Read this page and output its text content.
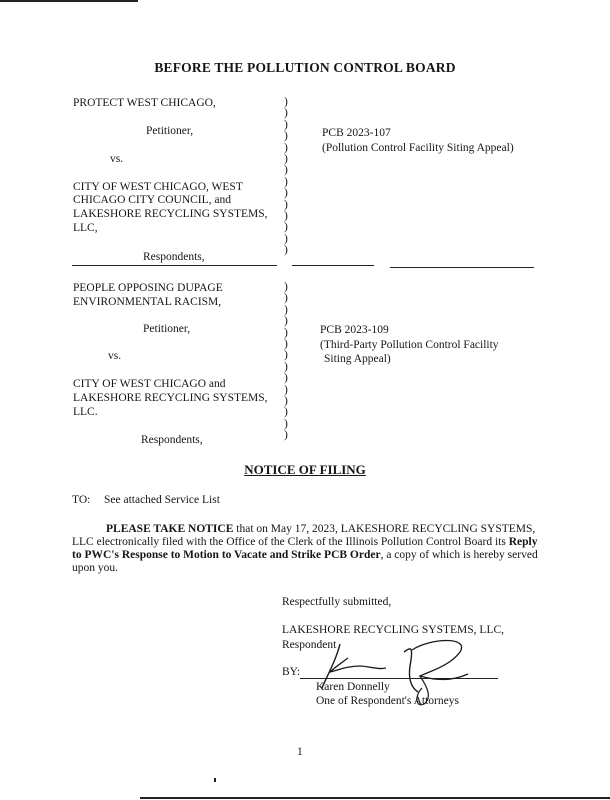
BEFORE THE POLLUTION CONTROL BOARD
PROTECT WEST CHICAGO,
Petitioner,
vs.
CITY OF WEST CHICAGO, WEST
CHICAGO CITY COUNCIL, and
LAKESHORE RECYCLING SYSTEMS,
LLC,
Respondents,
PCB 2023-107
(Pollution Control Facility Siting Appeal)
)
)
)
)
)
)
)
)
)
)
)
)
)
)
PEOPLE OPPOSING DUPAGE
ENVIRONMENTAL RACISM,
Petitioner,
vs.
CITY OF WEST CHICAGO and
LAKESHORE RECYCLING SYSTEMS,
LLC.
Respondents,
PCB 2023-109
(Third-Party Pollution Control Facility
Siting Appeal)
)
)
)
)
)
)
)
)
)
)
)
)
)
)
NOTICE OF FILING
TO: See attached Service List
PLEASE TAKE NOTICE that on May 17, 2023, LAKESHORE RECYCLING SYSTEMS, LLC electronically filed with the Office of the Clerk of the Illinois Pollution Control Board its Reply to PWC's Response to Motion to Vacate and Strike PCB Order, a copy of which is hereby served upon you.
Respectfully submitted,
LAKESHORE RECYCLING SYSTEMS, LLC,
Respondent
BY:
Karen Donnelly
One of Respondent's Attorneys
1
